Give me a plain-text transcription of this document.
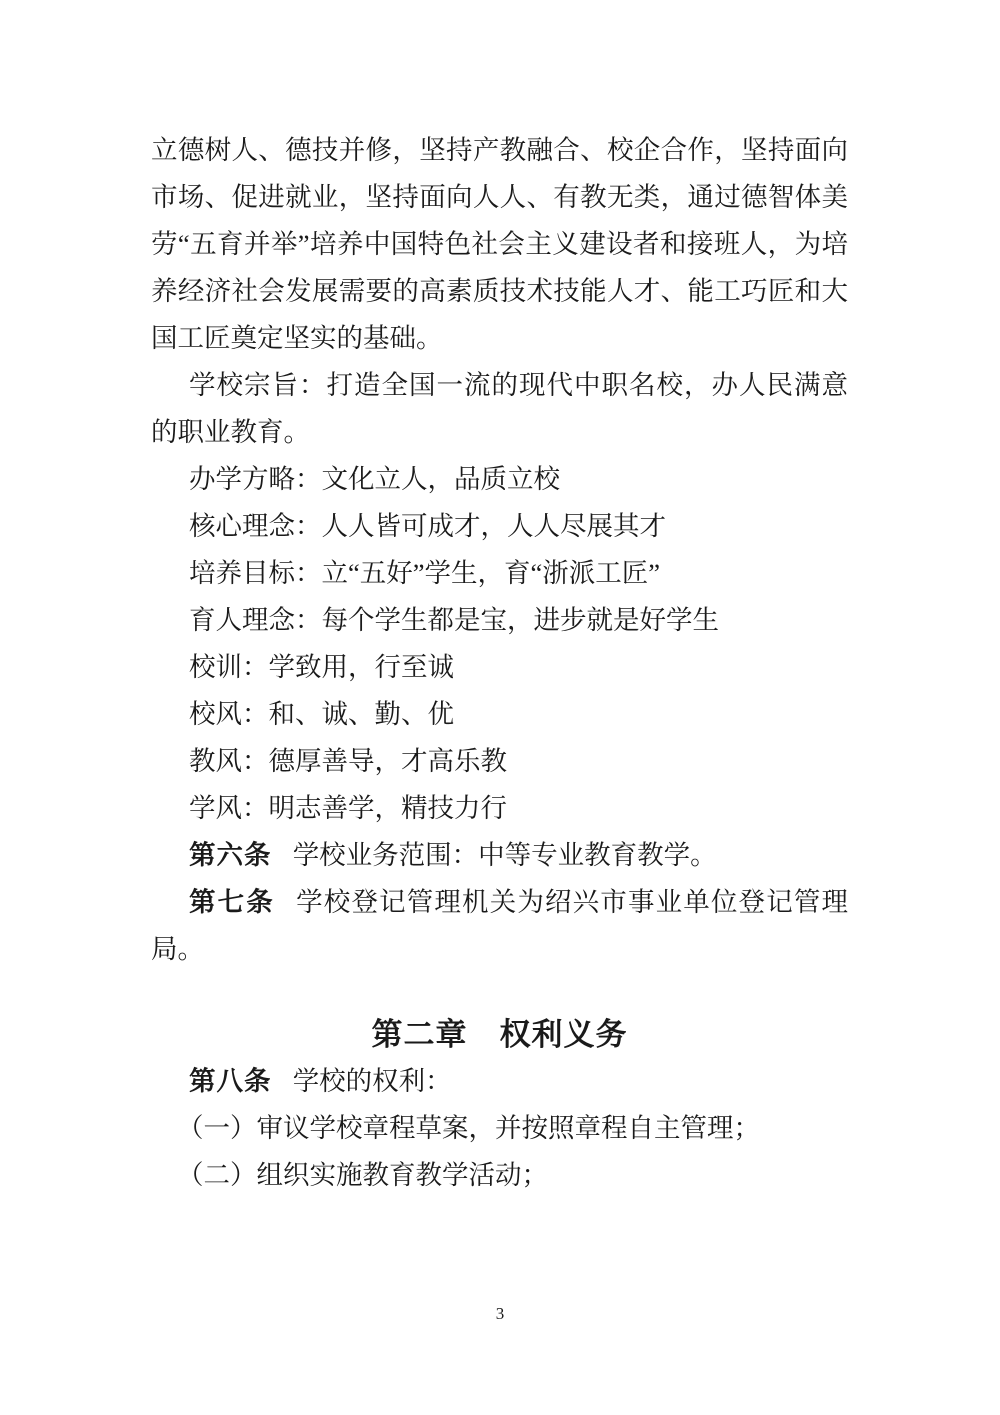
立德树人、德技并修，坚持产教融合、校企合作，坚持面向市场、促进就业，坚持面向人人、有教无类，通过德智体美劳“五育并举”培养中国特色社会主义建设者和接班人，为培养经济社会发展需要的高素质技术技能人才、能工巧匠和大国工匠奠定坚实的基础。

学校宗旨：打造全国一流的现代中职名校，办人民满意的职业教育。

办学方略：文化立人，品质立校

核心理念：人人皆可成才，人人尽展其才

培养目标：立“五好”学生，育“浙派工匠”

育人理念：每个学生都是宝，进步就是好学生

校训：学致用，行至诚

校风：和、诚、勤、优

教风：德厚善导，才高乐教

学风：明志善学，精技力行

第六条 学校业务范围：中等专业教育教学。

第七条 学校登记管理机关为绍兴市事业单位登记管理局。

第二章　权利义务

第八条 学校的权利：

（一）审议学校章程草案，并按照章程自主管理；

（二）组织实施教育教学活动；

3
